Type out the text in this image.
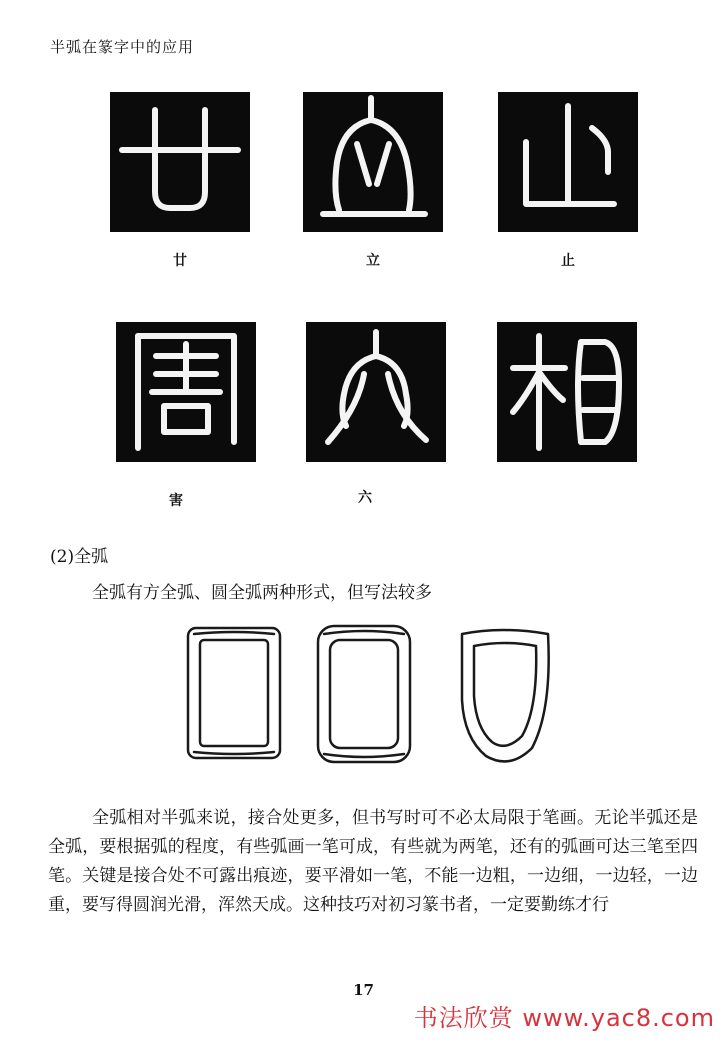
半弧在篆字中的应用
廿	立	止
害	六
(2)全弧
全弧有方全弧、圆全弧两种形式，但写法较多
全弧相对半弧来说，接合处更多，但书写时可不必太局限于笔画。无论半弧还是全弧，要根据弧的程度，有些弧画一笔可成，有些就为两笔，还有的弧画可达三笔至四笔。关键是接合处不可露出痕迹，要平滑如一笔，不能一边粗，一边细，一边轻，一边重，要写得圆润光滑，浑然天成。这种技巧对初习篆书者，一定要勤练才行
17
书法欣赏 www.yac8.com
